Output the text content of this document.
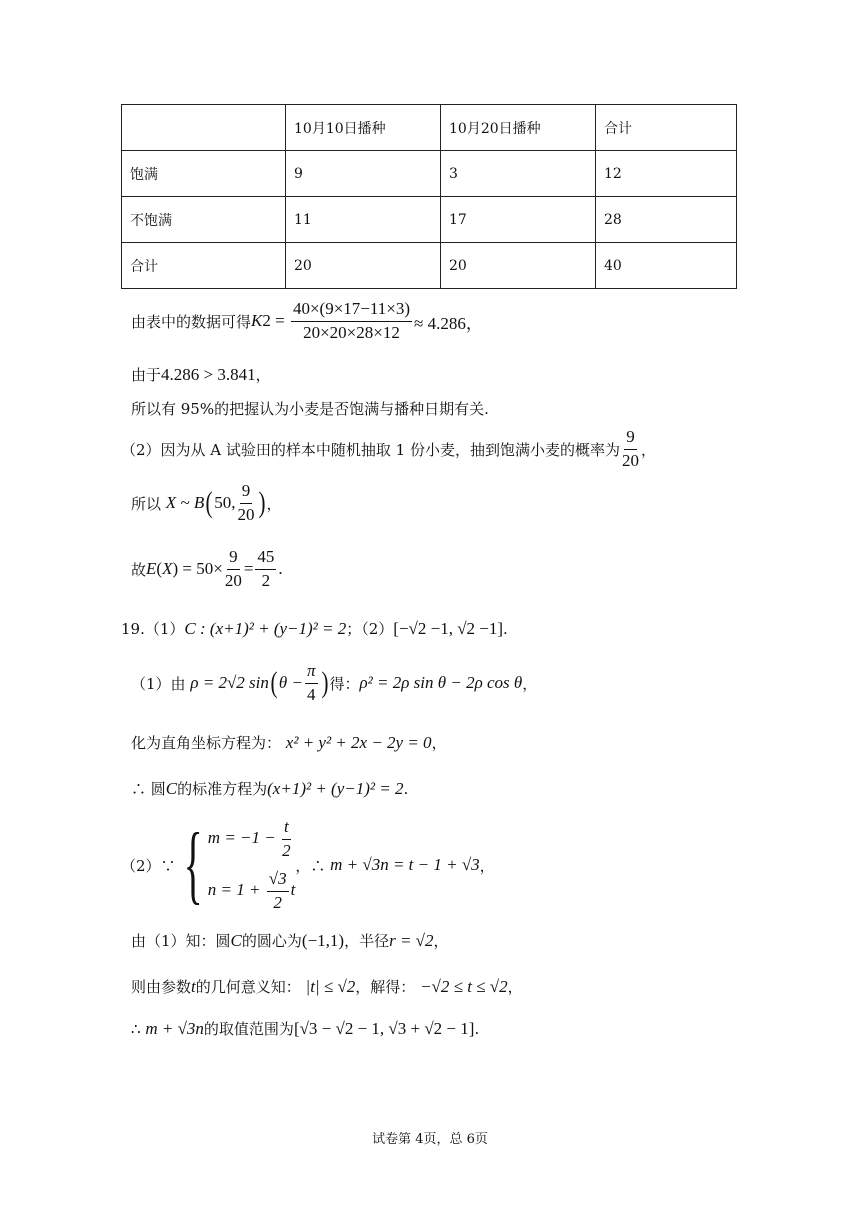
	10月10日播种	10月20日播种	合计
饱满	9	3	12
不饱满	11	17	28
合计	20	20	40
由表中的数据可得 K $2 = \frac{40\times(9\times 17-11\times 3)}{20\times 20\times 28\times 12} \approx 4.286$，
由于 4.286 > 3.841 ，
所以有 95%的把握认为小麦是否饱满与播种日期有关.
（2）因为从 A 试验田的样本中随机抽取 1 份小麦，抽到饱满小麦的概率为 $\frac{9}{20}$ ，
所以
X ~ B ( 50, $\frac{9}{20}$ ) ，
故 E ( X ) = $50\times \frac{9}{20} = \frac{45}{2}$ .
19.（1） C : (x+1)² + (y−1)² = 2 ；（2） [−√2 −1, √2 −1] .
（1）由
ρ = 2√2 sin ( $\theta - \frac{\pi}{4}$ ) 得： ρ² = 2ρ sin θ − 2ρ cos θ ，
化为直角坐标方程为：
x² + y² + 2x − 2y = 0 ，
∴ 圆 C 的标准方程为 (x+1)² + (y−1)² = 2 .
（2）∵ { $m = -1 - \frac{t}{2}$
$n = 1 + \frac{√3}{2}$ t
，∴
m + √3n = t − 1 + √3 ，
由（1）知：圆 C 的圆心为 (−1,1) ，半径 r = √2 ，
则由参数 t 的几何意义知：
|t| ≤ √2 ，解得：
−√2 ≤ t ≤ √2 ，
∴
m + √3n 的取值范围为 [√3 − √2 − 1, √3 + √2 − 1] .
试卷第 4页，总 6页
